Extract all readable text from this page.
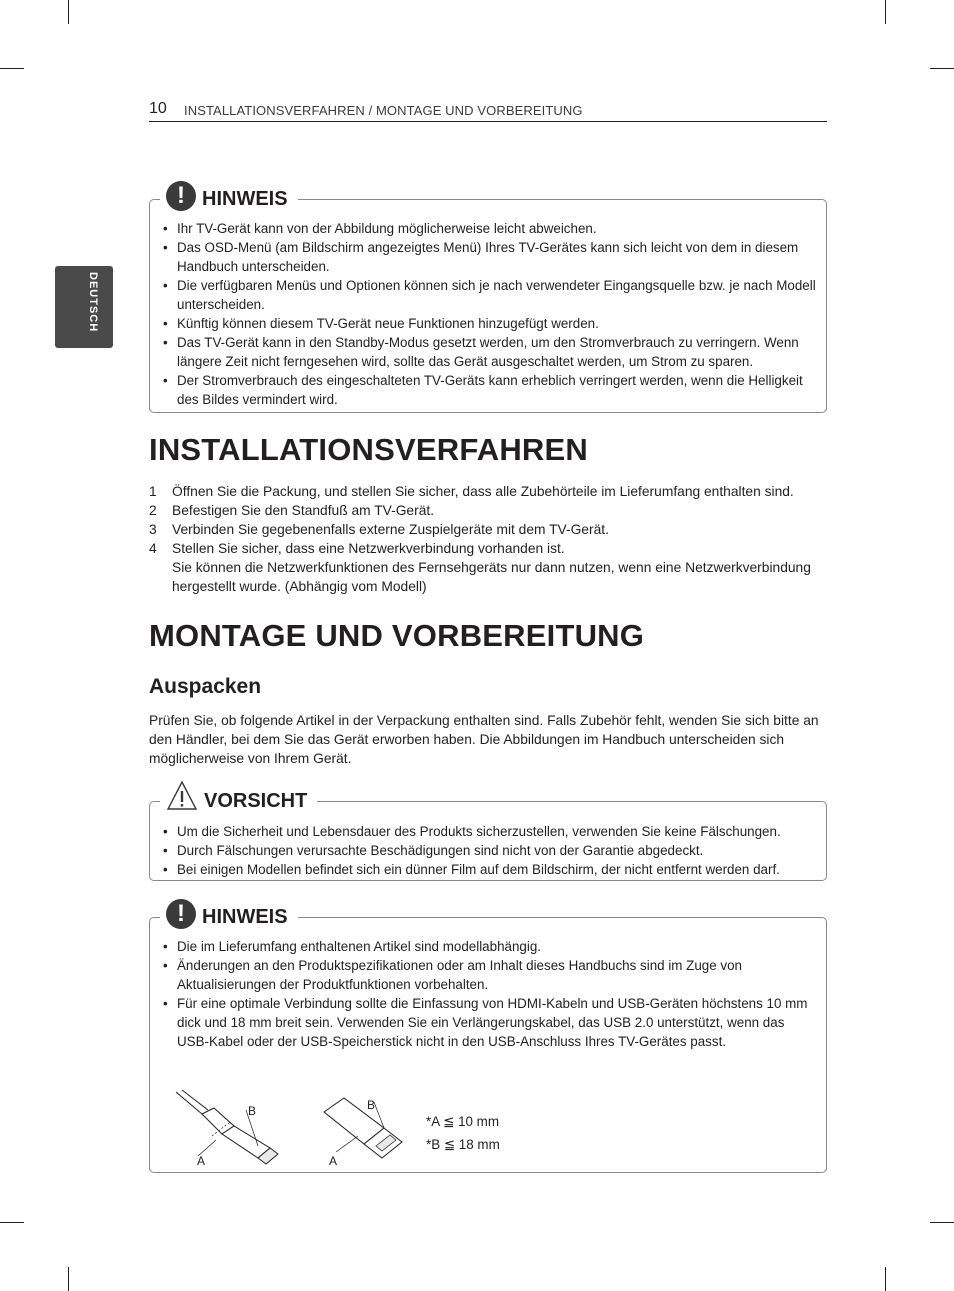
10 INSTALLATIONSVERFAHREN / MONTAGE UND VORBEREITUNG
DEUTSCH
! HINWEIS
• Ihr TV-Gerät kann von der Abbildung möglicherweise leicht abweichen.
• Das OSD-Menü (am Bildschirm angezeigtes Menü) Ihres TV-Gerätes kann sich leicht von dem in diesem Handbuch unterscheiden.
• Die verfügbaren Menüs und Optionen können sich je nach verwendeter Eingangsquelle bzw. je nach Modell unterscheiden.
• Künftig können diesem TV-Gerät neue Funktionen hinzugefügt werden.
• Das TV-Gerät kann in den Standby-Modus gesetzt werden, um den Stromverbrauch zu verringern. Wenn längere Zeit nicht ferngesehen wird, sollte das Gerät ausgeschaltet werden, um Strom zu sparen.
• Der Stromverbrauch des eingeschalteten TV-Geräts kann erheblich verringert werden, wenn die Helligkeit des Bildes vermindert wird.
INSTALLATIONSVERFAHREN
1 Öffnen Sie die Packung, und stellen Sie sicher, dass alle Zubehörteile im Lieferumfang enthalten sind.
2 Befestigen Sie den Standfuß am TV-Gerät.
3 Verbinden Sie gegebenenfalls externe Zuspielgeräte mit dem TV-Gerät.
4 Stellen Sie sicher, dass eine Netzwerkverbindung vorhanden ist.
Sie können die Netzwerkfunktionen des Fernsehgeräts nur dann nutzen, wenn eine Netzwerkverbindung hergestellt wurde. (Abhängig vom Modell)
MONTAGE UND VORBEREITUNG
Auspacken

Prüfen Sie, ob folgende Artikel in der Verpackung enthalten sind. Falls Zubehör fehlt, wenden Sie sich bitte an den Händler, bei dem Sie das Gerät erworben haben. Die Abbildungen im Handbuch unterscheiden sich möglicherweise von Ihrem Gerät.

VORSICHT
• Um die Sicherheit und Lebensdauer des Produkts sicherzustellen, verwenden Sie keine Fälschungen.
• Durch Fälschungen verursachte Beschädigungen sind nicht von der Garantie abgedeckt.
• Bei einigen Modellen befindet sich ein dünner Film auf dem Bildschirm, der nicht entfernt werden darf.
! HINWEIS
• Die im Lieferumfang enthaltenen Artikel sind modellabhängig.
• Änderungen an den Produktspezifikationen oder am Inhalt dieses Handbuchs sind im Zuge von Aktualisierungen der Produktfunktionen vorbehalten.
• Für eine optimale Verbindung sollte die Einfassung von HDMI-Kabeln und USB-Geräten höchstens 10 mm dick und 18 mm breit sein. Verwenden Sie ein Verlängerungskabel, das USB 2.0 unterstützt, wenn das USB-Kabel oder der USB-Speicherstick nicht in den USB-Anschluss Ihres TV-Gerätes passt.
B
A
B
A
*A ≦ 10 mm
*B ≦ 18 mm
